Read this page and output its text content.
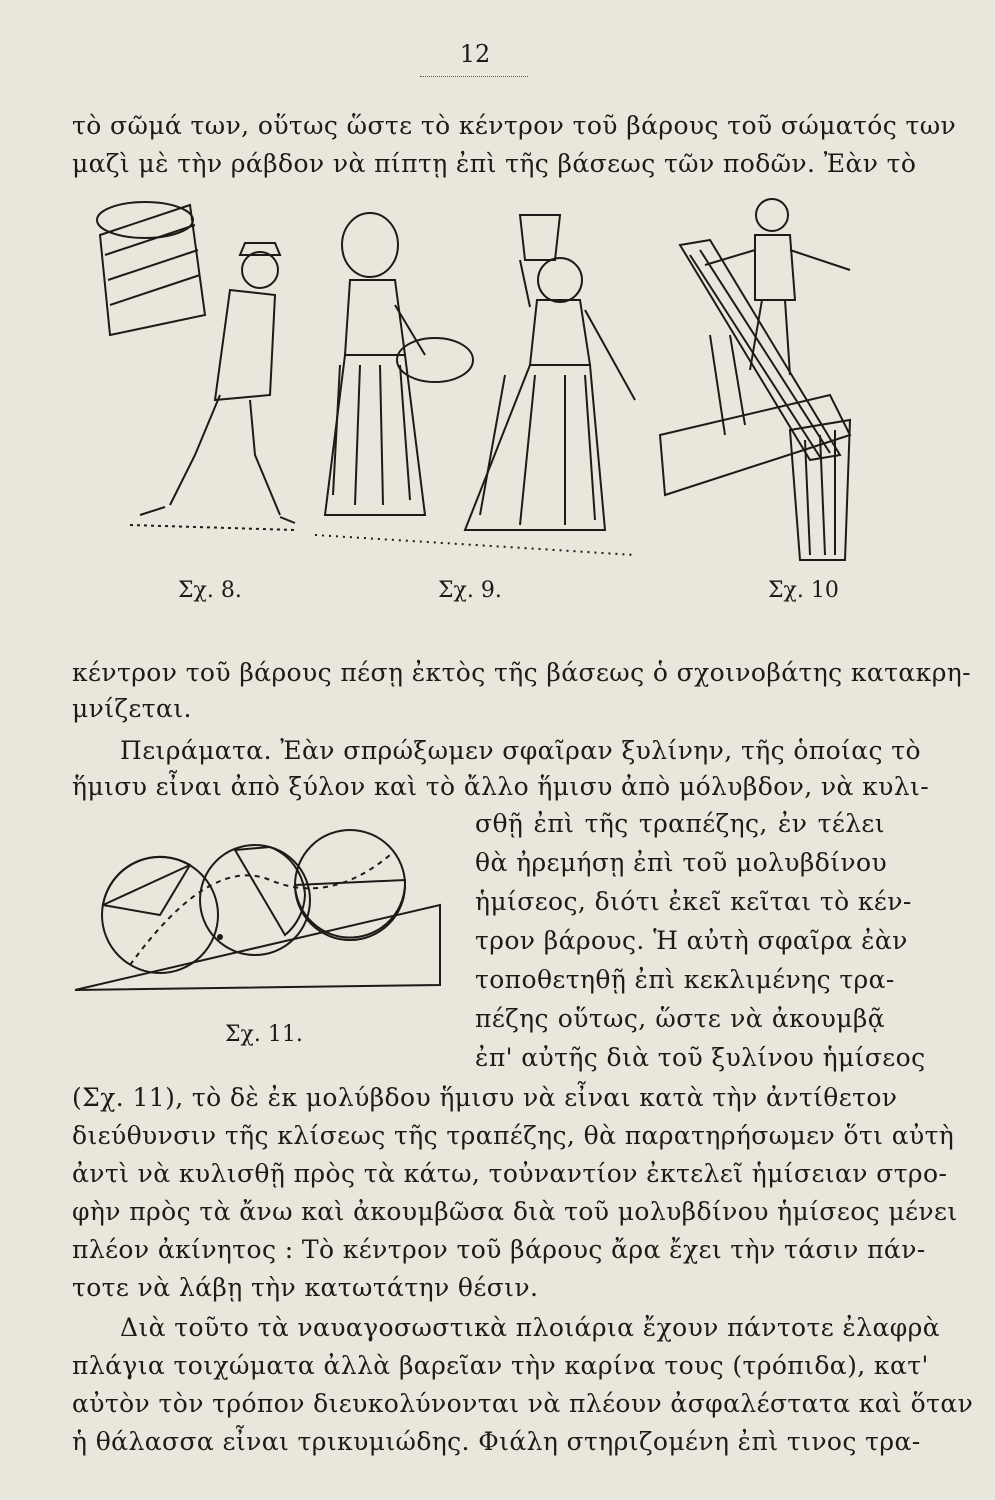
12
τὸ σῶμά των, οὕτως ὥστε τὸ κέντρον τοῦ βάρους τοῦ σώματός των
μαζὶ μὲ τὴν ράβδον νὰ πίπτῃ ἐπὶ τῆς βάσεως τῶν ποδῶν. Ἐὰν τὸ
Σχ. 8.	Σχ. 9.	Σχ. 10
κέντρον τοῦ βάρους πέσῃ ἐκτὸς τῆς βάσεως ὁ σχοινοβάτης κατακρη-
μνίζεται.
Πειράματα. Ἐὰν σπρώξωμεν σφαῖραν ξυλίνην, τῆς ὁποίας τὸ
ἥμισυ εἶναι ἀπὸ ξύλον καὶ τὸ ἄλλο ἥμισυ ἀπὸ μόλυβδον, νὰ κυλι-
Σχ. 11.
σθῇ ἐπὶ τῆς τραπέζης, ἐν τέλει
θὰ ἠρεμήσῃ ἐπὶ τοῦ μολυβδίνου
ἡμίσεος, διότι ἐκεῖ κεῖται τὸ κέν-
τρον βάρους. Ἡ αὐτὴ σφαῖρα ἐὰν
τοποθετηθῇ ἐπὶ κεκλιμένης τρα-
πέζης οὕτως, ὥστε νὰ ἀκουμβᾷ
ἐπ' αὐτῆς διὰ τοῦ ξυλίνου ἡμίσεος
(Σχ. 11), τὸ δὲ ἐκ μολύβδου ἥμισυ νὰ εἶναι κατὰ τὴν ἀντίθετον
διεύθυνσιν τῆς κλίσεως τῆς τραπέζης, θὰ παρατηρήσωμεν ὅτι αὐτὴ
ἀντὶ νὰ κυλισθῇ πρὸς τὰ κάτω, τοὐναντίον ἐκτελεῖ ἡμίσειαν στρο-
φὴν πρὸς τὰ ἄνω καὶ ἀκουμβῶσα διὰ τοῦ μολυβδίνου ἡμίσεος μένει
πλέον ἀκίνητος : Τὸ κέντρον τοῦ βάρους ἄρα ἔχει τὴν τάσιν πάν-
τοτε νὰ λάβῃ τὴν κατωτάτην θέσιν.
Διὰ τοῦτο τὰ ναυαγοσωστικὰ πλοιάρια ἔχουν πάντοτε ἐλαφρὰ
πλάγια τοιχώματα ἀλλὰ βαρεῖαν τὴν καρίνα τους (τρόπιδα), κατ'
αὐτὸν τὸν τρόπον διευκολύνονται νὰ πλέουν ἀσφαλέστατα καὶ ὅταν
ἡ θάλασσα εἶναι τρικυμιώδης. Φιάλη στηριζομένη ἐπὶ τινος τρα-
